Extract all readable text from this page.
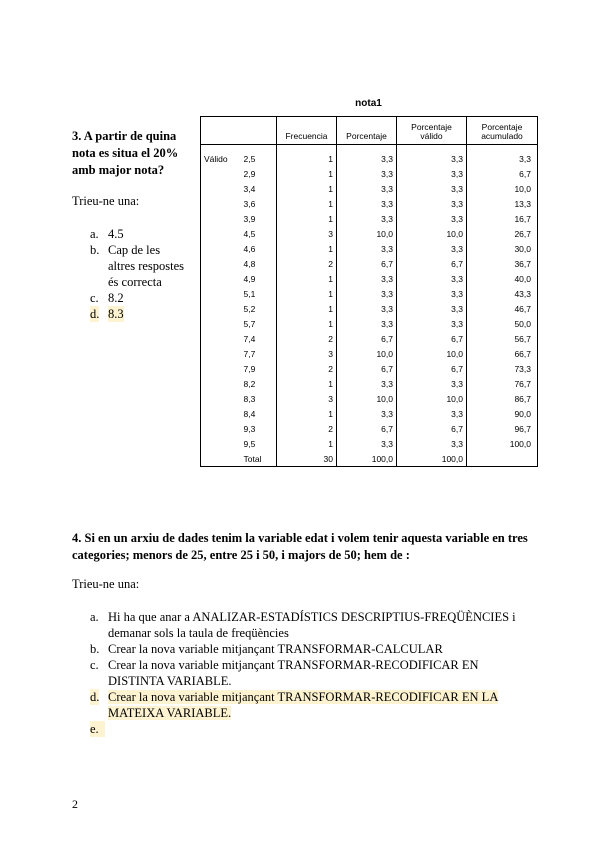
3. A partir de quina nota es situa el 20% amb major nota?
Trieu-ne una:
a. 4.5
b. Cap de les altres respostes és correcta
c. 8.2
d. 8.3
nota1
		Frecuencia	Porcentaje	Porcentaje válido	Porcentaje acumulado

Válido	2,5	1	3,3	3,3	3,3
	2,9	1	3,3	3,3	6,7
	3,4	1	3,3	3,3	10,0
	3,6	1	3,3	3,3	13,3
	3,9	1	3,3	3,3	16,7
	4,5	3	10,0	10,0	26,7
	4,6	1	3,3	3,3	30,0
	4,8	2	6,7	6,7	36,7
	4,9	1	3,3	3,3	40,0
	5,1	1	3,3	3,3	43,3
	5,2	1	3,3	3,3	46,7
	5,7	1	3,3	3,3	50,0
	7,4	2	6,7	6,7	56,7
	7,7	3	10,0	10,0	66,7
	7,9	2	6,7	6,7	73,3
	8,2	1	3,3	3,3	76,7
	8,3	3	10,0	10,0	86,7
	8,4	1	3,3	3,3	90,0
	9,3	2	6,7	6,7	96,7
	9,5	1	3,3	3,3	100,0
	Total	30	100,0	100,0	
4. Si en un arxiu de dades tenim la variable edat i volem tenir aquesta variable en tres categories; menors de 25, entre 25 i 50, i majors de 50; hem de :
Trieu-ne una:
a. Hi ha que anar a ANALIZAR-ESTADÍSTICS DESCRIPTIUS-FREQÜÈNCIES i demanar sols la taula de freqüències
b. Crear la nova variable mitjançant TRANSFORMAR-CALCULAR
c. Crear la nova variable mitjançant TRANSFORMAR-RECODIFICAR EN DISTINTA VARIABLE.
d. Crear la nova variable mitjançant TRANSFORMAR-RECODIFICAR EN LA MATEIXA VARIABLE.
e.
2
